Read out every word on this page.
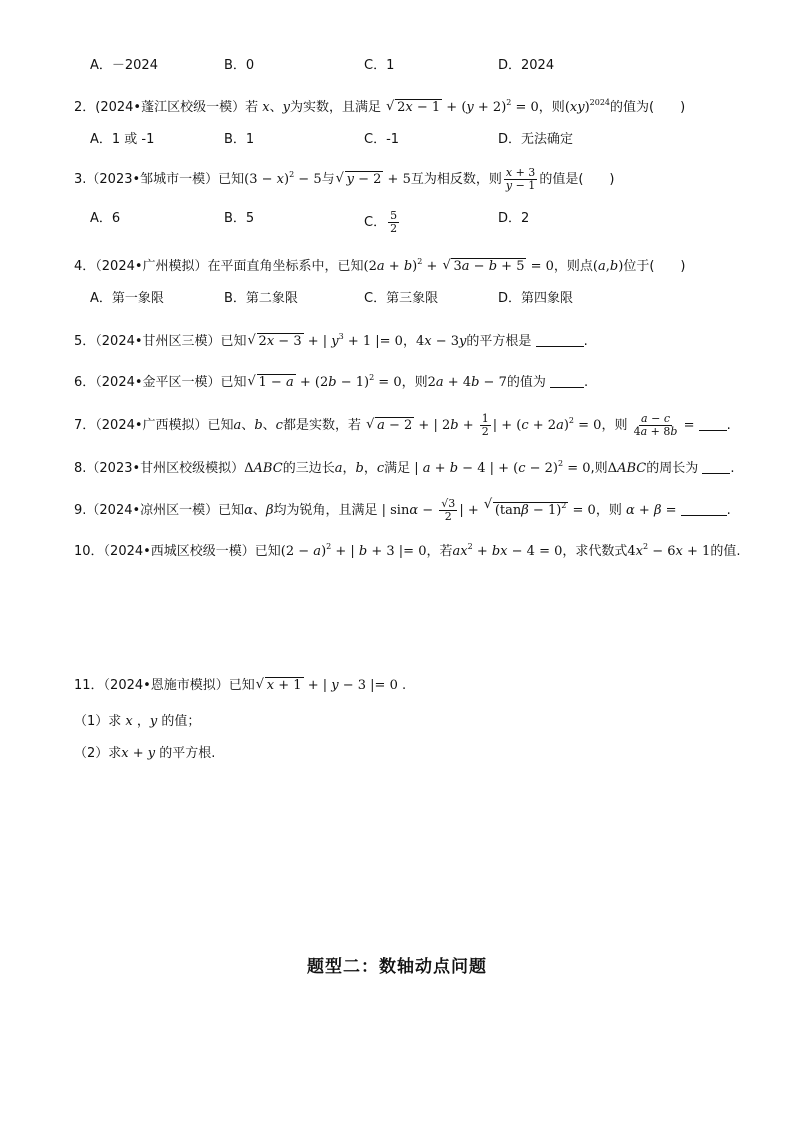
A．－2024	B．0	C．1	D．2024
2．(2024•蓬江区校级一模）若 x、y为实数，且满足 √ $2x - 1 + (y + 2)^2 = 0$，则(xy)$^{2024}$的值为(　　)
A．1 或 -1	B．1	C．-1	D．无法确定
3.（2023•邹城市一模）已知$(3 - x)^2 - 5$与 √ y − 2 + 5互为相反数，则 $\frac{x + 3}{y - 1}$ 的值是(　　)
A．6	B．5	C． $\frac{5}{2}$	D．2
4．（2024•广州模拟）在平面直角坐标系中，已知$(2a + b)^2$ + √ 3a − b + 5 = 0，则点(a,b)位于(　　)
A．第一象限	B．第二象限	C．第三象限	D．第四象限
5．（2024•甘州区三模）已知 √ 2x − 3 + | $y^3 + 1$ |= 0，4x − 3y的平方根是	.
6．（2024•金平区一模）已知 √ $1 - a + (2b - 1)^2 = 0$，则2a + 4b − 7的值为	.
7．（2024•广西模拟）已知a、b、c都是实数，若 √ a − 2 + | $2b + \frac{1}{2}$ | + $(c + 2a)^2 = 0$，则 $\frac{a - c}{4a + 8b}$ = .
8.（2023•甘州区校级模拟）ΔABC的三边长a，b，c满足 | a + b − 4 | + $(c - 2)^2 = 0$,则ΔABC的周长为 .
9.（2024•凉州区一模）已知α、β均为锐角，且满足 | $\sin\alpha - \frac{√3}{2}$ | + √ $(\tan\beta - 1)^2 = 0$，则 α + β =	.
10．（2024•西城区校级一模）已知$(2 - a)^2$ + | b + 3 |= 0，若$ax^2$ + bx − 4 = 0，求代数式$4x^2 - 6x + 1$的值.
11．（2024•恩施市模拟）已知 √ x + 1 + | y − 3 |= 0 .
（1）求 x ，y 的值；
（2）求x + y 的平方根.
题型二：数轴动点问题
